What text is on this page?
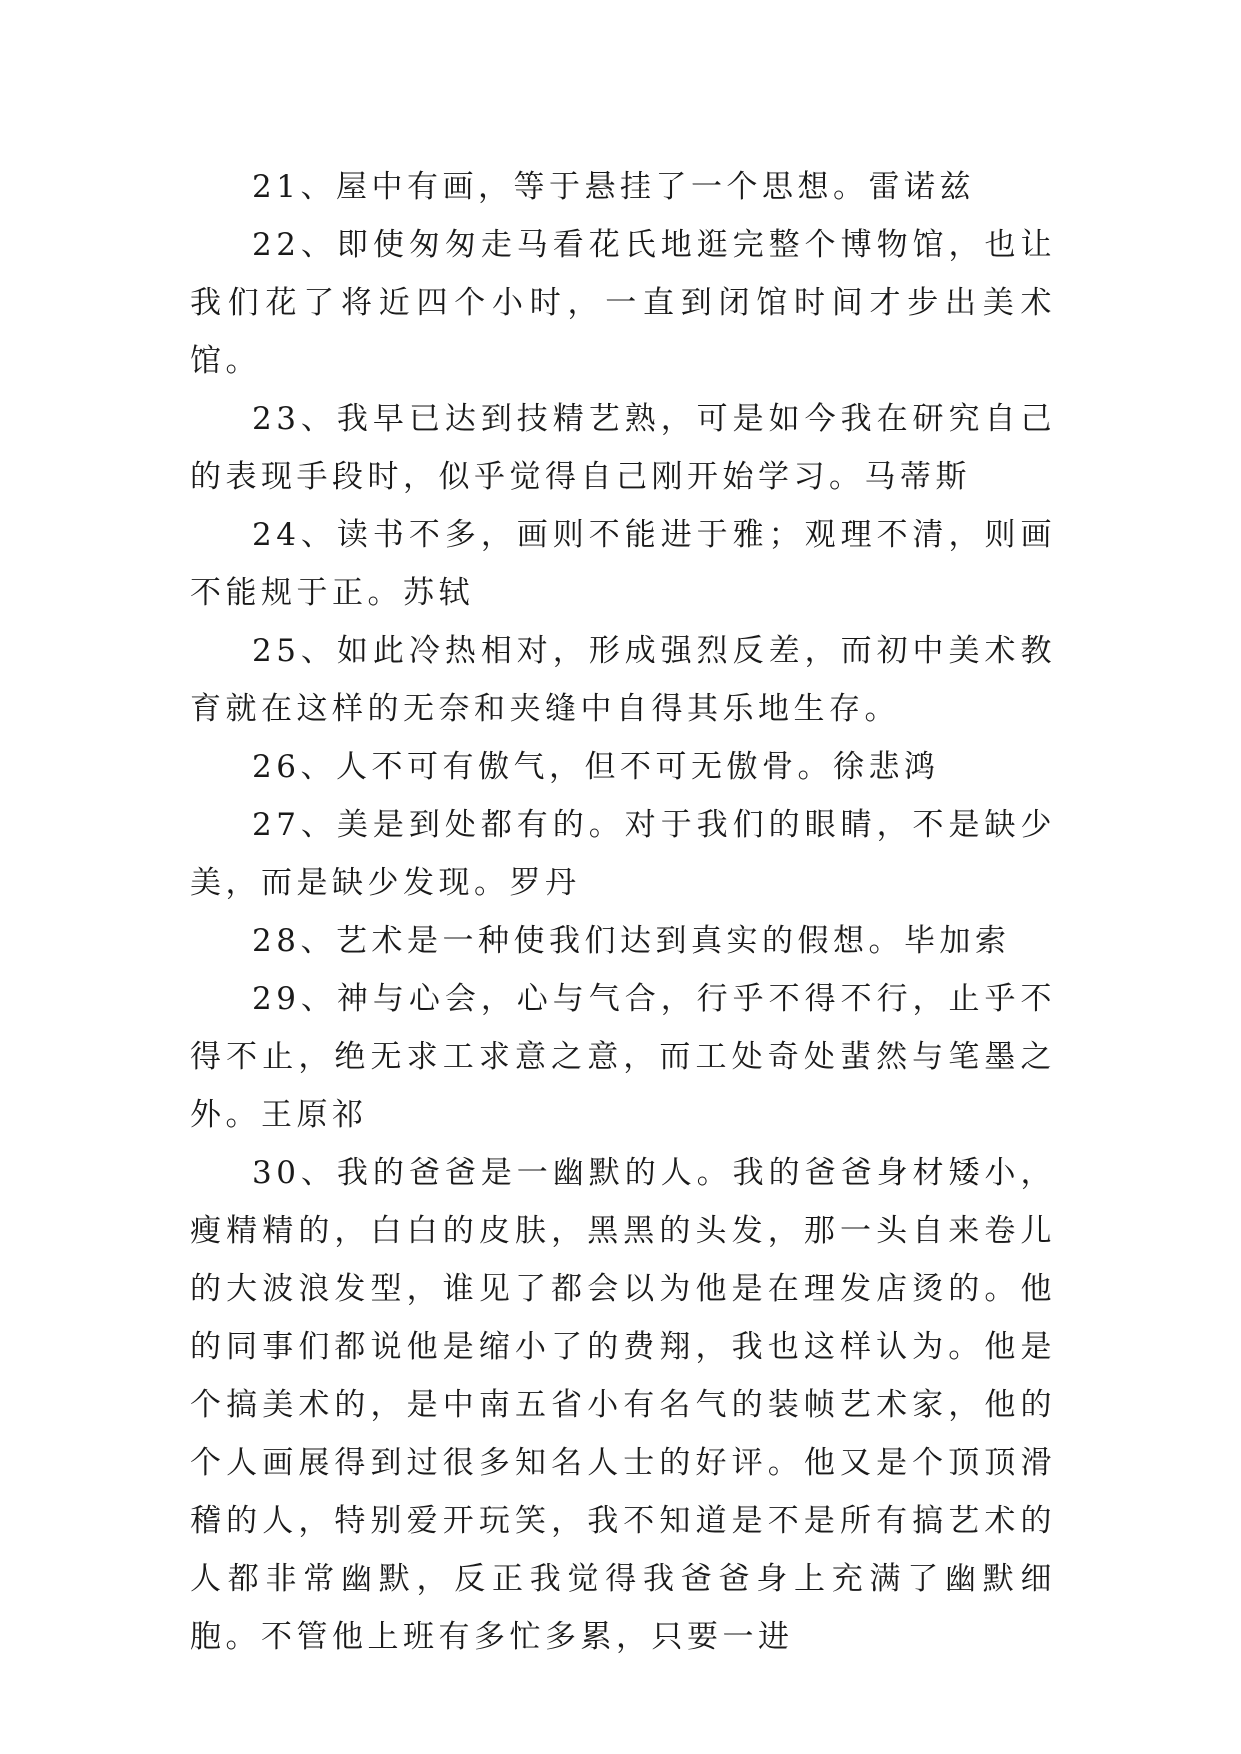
21、屋中有画，等于悬挂了一个思想。雷诺兹

22、即使匆匆走马看花氏地逛完整个博物馆，也让我们花了将近四个小时，一直到闭馆时间才步出美术馆。

23、我早已达到技精艺熟，可是如今我在研究自己的表现手段时，似乎觉得自己刚开始学习。马蒂斯

24、读书不多，画则不能进于雅；观理不清，则画不能规于正。苏轼

25、如此冷热相对，形成强烈反差，而初中美术教育就在这样的无奈和夹缝中自得其乐地生存。

26、人不可有傲气，但不可无傲骨。徐悲鸿

27、美是到处都有的。对于我们的眼睛，不是缺少美，而是缺少发现。罗丹

28、艺术是一种使我们达到真实的假想。毕加索

29、神与心会，心与气合，行乎不得不行，止乎不得不止，绝无求工求意之意，而工处奇处蜚然与笔墨之外。王原祁

30、我的爸爸是一幽默的人。我的爸爸身材矮小，瘦精精的，白白的皮肤，黑黑的头发，那一头自来卷儿的大波浪发型，谁见了都会以为他是在理发店烫的。他的同事们都说他是缩小了的费翔，我也这样认为。他是个搞美术的，是中南五省小有名气的装帧艺术家，他的个人画展得到过很多知名人士的好评。他又是个顶顶滑稽的人，特别爱开玩笑，我不知道是不是所有搞艺术的人都非常幽默，反正我觉得我爸爸身上充满了幽默细胞。不管他上班有多忙多累，只要一进
